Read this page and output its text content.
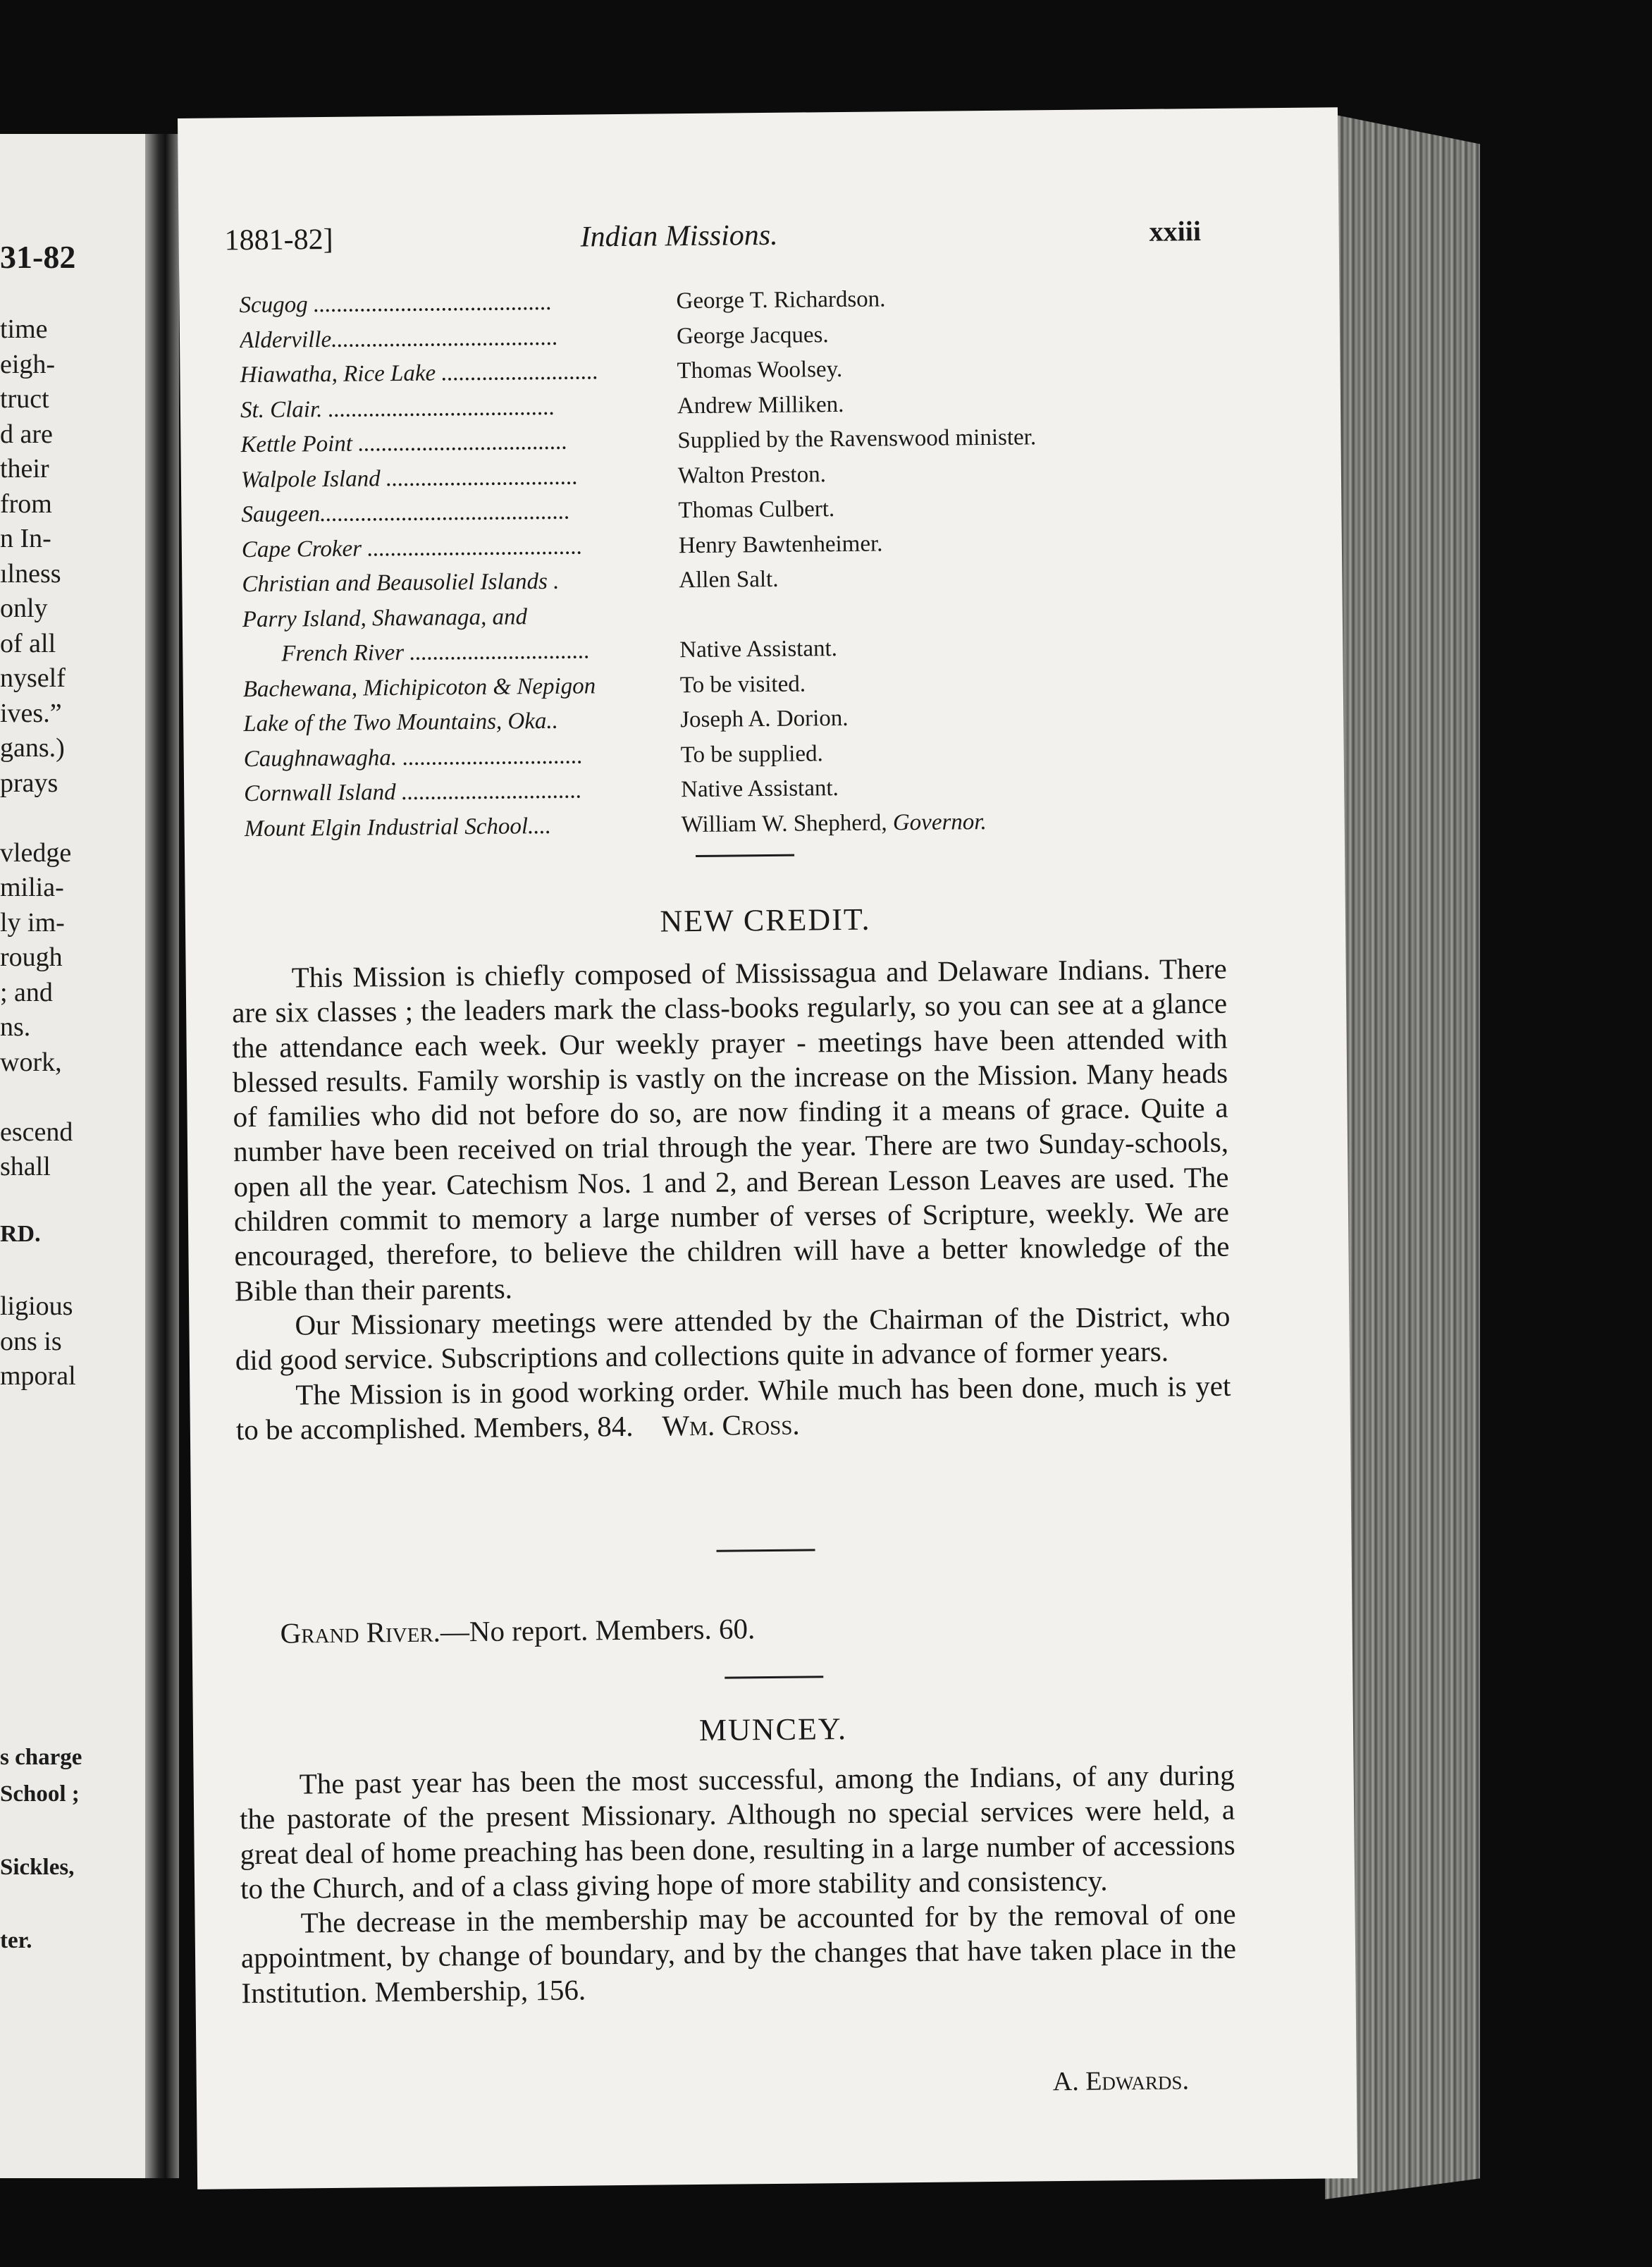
31-82
time
eigh-
truct
d are
their
from
n In-
ılness
only
of all
nyself
ives.”
gans.)
prays
vledge
milia-
ly im-
rough
; and
ns.
work,
escend
shall
RD.
ligious
ons is
mporal
s charge
School ;
Sickles,
ter.
1881-82]	Indian Missions.	xxiii
Scugog .........................................	George T. Richardson.
Alderville.......................................	George Jacques.
Hiawatha, Rice Lake ...........................	Thomas Woolsey.
St. Clair. .......................................	Andrew Milliken.
Kettle Point ....................................	Supplied by the Ravenswood minister.
Walpole Island .................................	Walton Preston.
Saugeen...........................................	Thomas Culbert.
Cape Croker .....................................	Henry Bawtenheimer.
Christian and Beausoliel Islands .	Allen Salt.
Parry Island, Shawanaga, and
French River ...............................	Native Assistant.
Bachewana, Michipicoton & Nepigon	To be visited.
Lake of the Two Mountains, Oka..	Joseph A. Dorion.
Caughnawagha. ...............................	To be supplied.
Cornwall Island ...............................	Native Assistant.
Mount Elgin Industrial School....	William W. Shepherd, Governor.
NEW CREDIT.

This Mission is chiefly composed of Mississagua and Delaware Indians. There are six classes ; the leaders mark the class-books regularly, so you can see at a glance the attendance each week. Our weekly prayer - meetings have been attended with blessed results. Family worship is vastly on the increase on the Mission. Many heads of families who did not before do so, are now finding it a means of grace. Quite a number have been received on trial through the year. There are two Sunday-schools, open all the year. Catechism Nos. 1 and 2, and Berean Lesson Leaves are used. The children commit to memory a large number of verses of Scripture, weekly. We are encouraged, therefore, to believe the children will have a better knowledge of the Bible than their parents.

Our Missionary meetings were attended by the Chairman of the District, who did good service. Subscriptions and collections quite in advance of former years.

The Mission is in good working order. While much has been done, much is yet to be accomplished. Members, 84. Wm. Cross.

Grand River.—No report. Members. 60.
MUNCEY.

The past year has been the most successful, among the Indians, of any during the pastorate of the present Missionary. Although no special services were held, a great deal of home preaching has been done, resulting in a large number of accessions to the Church, and of a class giving hope of more stability and consistency.

The decrease in the membership may be accounted for by the removal of one appointment, by change of boundary, and by the changes that have taken place in the Institution. Membership, 156.

A. Edwards.
